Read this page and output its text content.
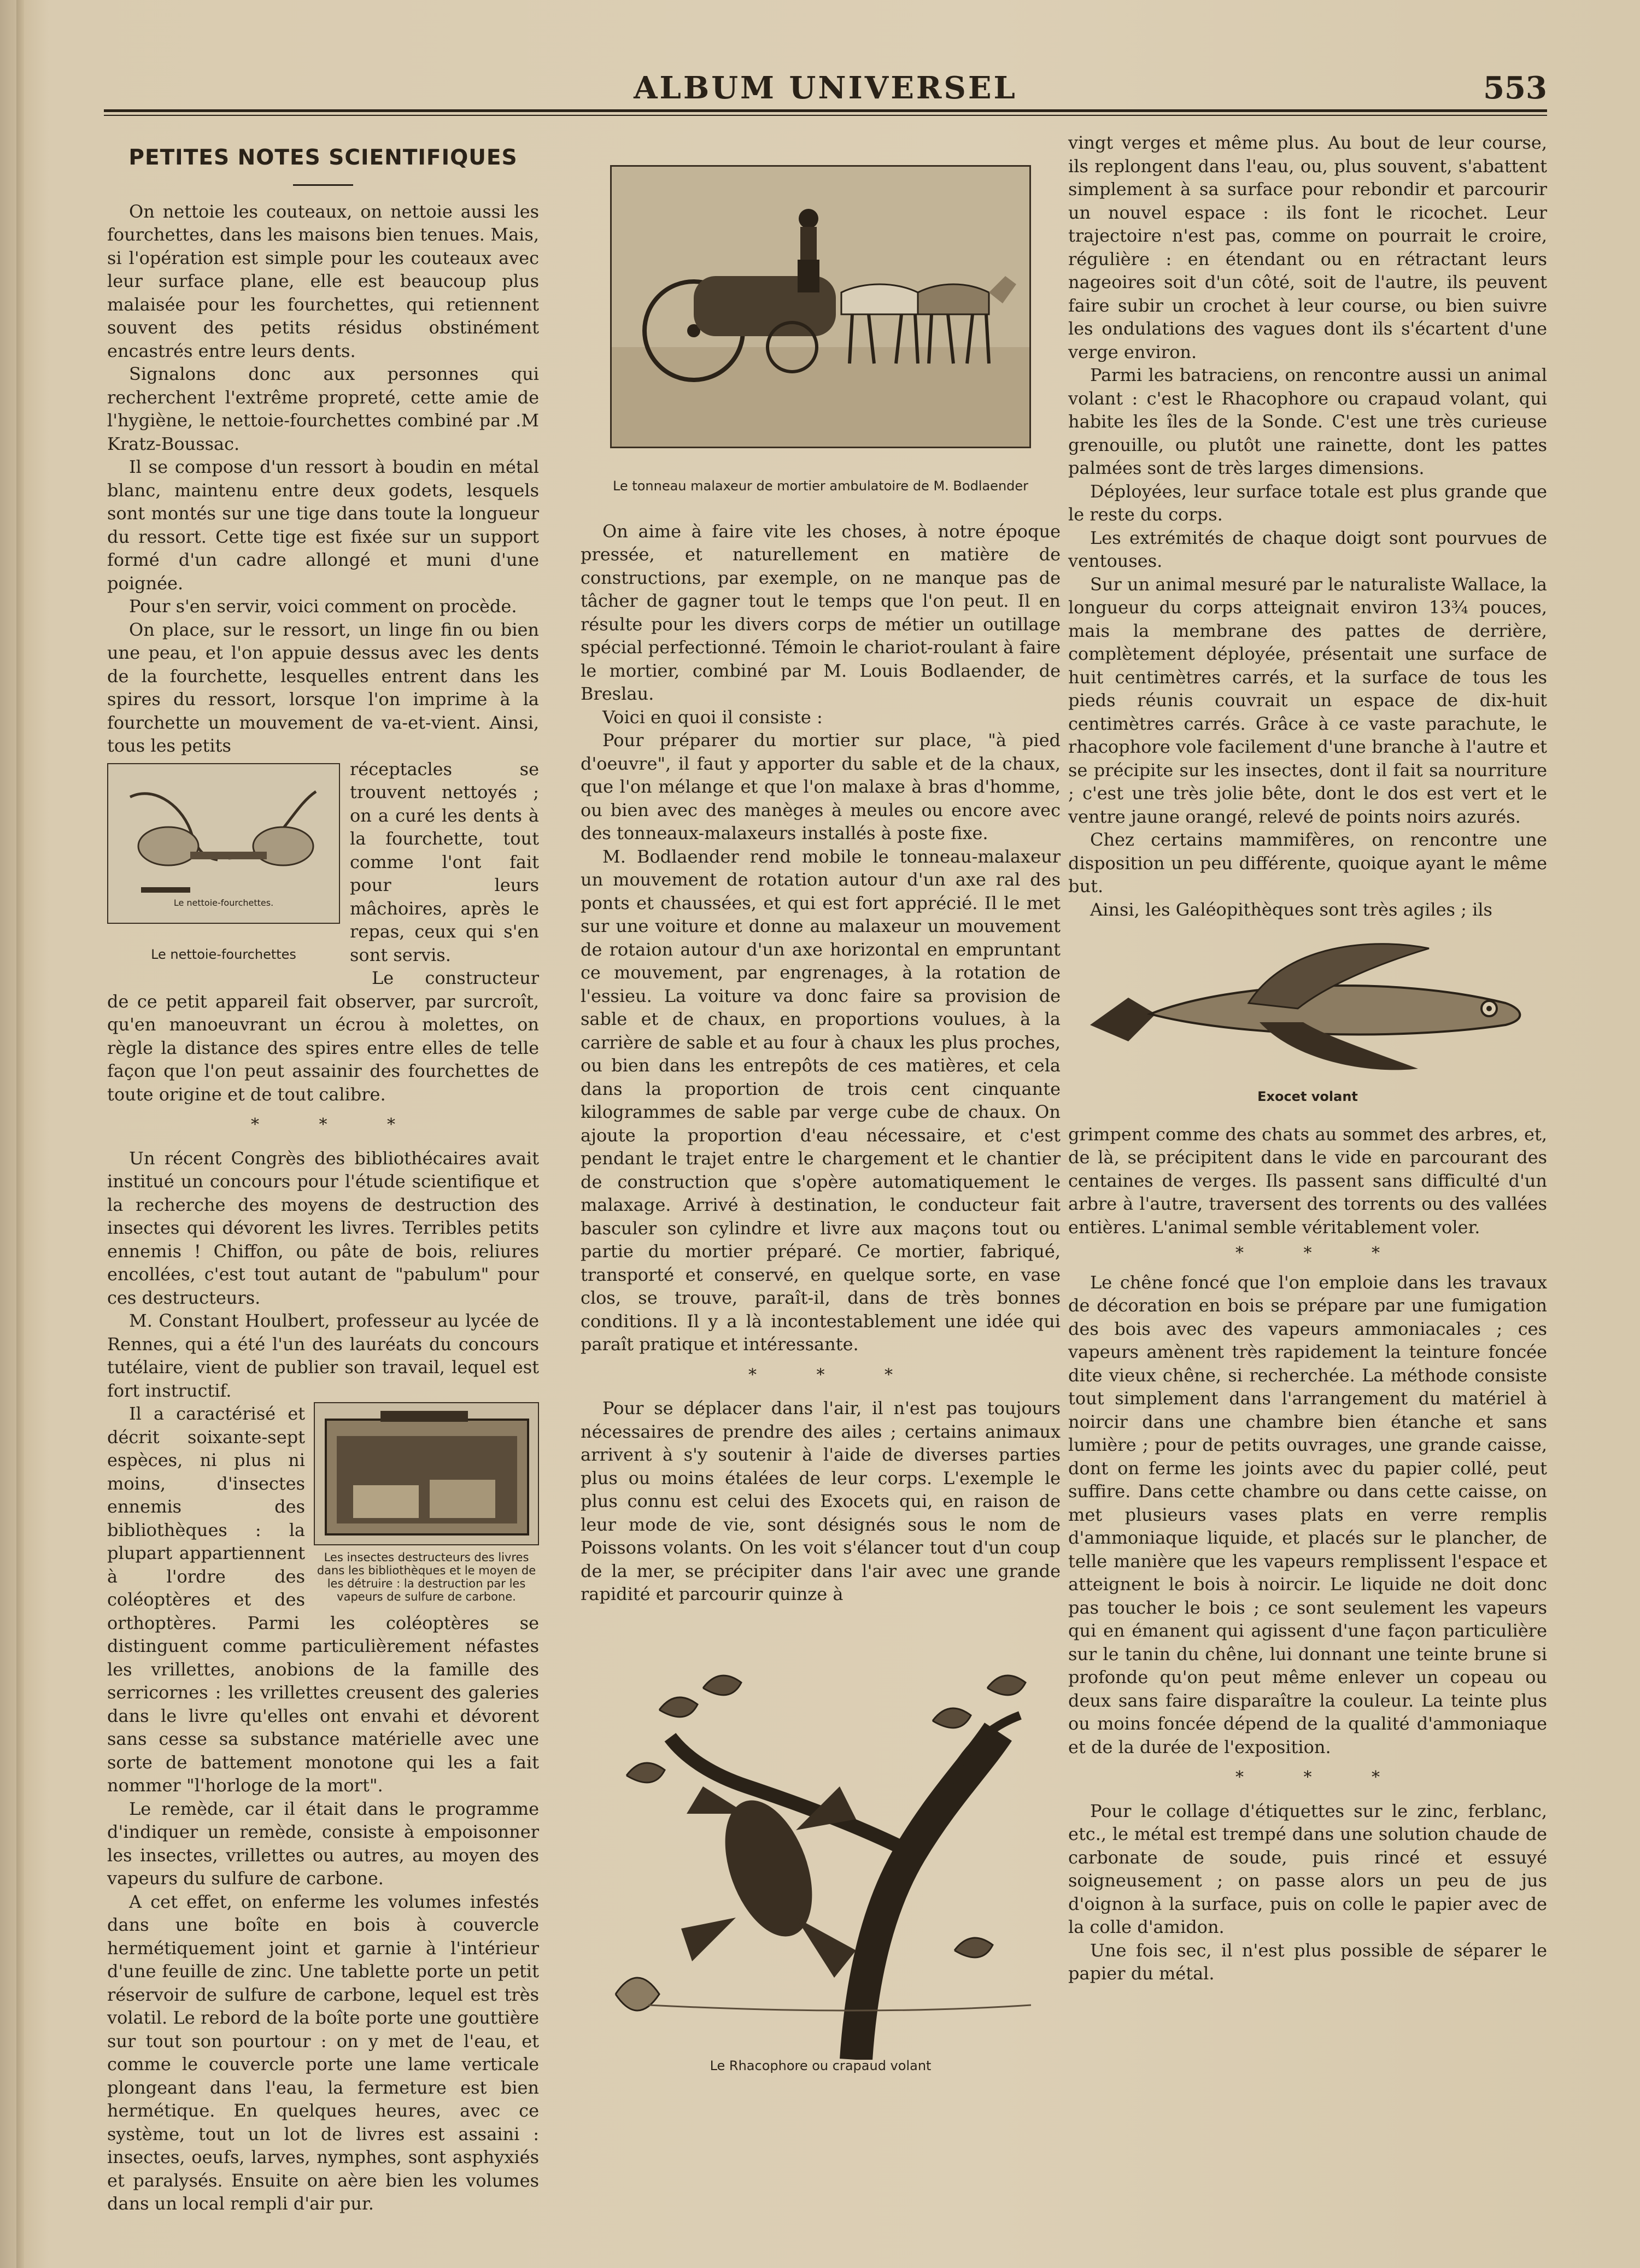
ALBUM UNIVERSEL	553
PETITES NOTES SCIENTIFIQUES

On nettoie les couteaux, on nettoie aussi les fourchettes, dans les maisons bien tenues. Mais, si l'opération est simple pour les couteaux avec leur surface plane, elle est beaucoup plus malaisée pour les fourchettes, qui retiennent souvent des petits résidus obstinément encastrés entre leurs dents.

Signalons donc aux personnes qui recherchent l'extrême propreté, cette amie de l'hygiène, le nettoie-fourchettes combiné par .M Kratz-Boussac.

Il se compose d'un ressort à boudin en métal blanc, maintenu entre deux godets, lesquels sont montés sur une tige dans toute la longueur du ressort. Cette tige est fixée sur un support formé d'un cadre allongé et muni d'une poignée.

Pour s'en servir, voici comment on procède.

On place, sur le ressort, un linge fin ou bien une peau, et l'on appuie dessus avec les dents de la fourchette, lesquelles entrent dans les spires du ressort, lorsque l'on imprime à la fourchette un mouvement de va-et-vient. Ainsi, tous les petits

Le nettoie-fourchettes.
Le nettoie-fourchettes

réceptacles se trouvent nettoyés ; on a curé les dents à la fourchette, tout comme l'ont fait pour leurs mâchoires, après le repas, ceux qui s'en sont servis.

Le constructeur de ce petit appareil fait observer, par surcroît, qu'en manoeuvrant un écrou à molettes, on règle la distance des spires entre elles de telle façon que l'on peut assainir des fourchettes de toute origine et de tout calibre.

* * *

Un récent Congrès des bibliothécaires avait institué un concours pour l'étude scientifique et la recherche des moyens de destruction des insectes qui dévorent les livres. Terribles petits ennemis ! Chiffon, ou pâte de bois, reliures encollées, c'est tout autant de "pabulum" pour ces destructeurs.

M. Constant Houlbert, professeur au lycée de Rennes, qui a été l'un des lauréats du concours tutélaire, vient de publier son travail, lequel est fort instructif.

Les insectes destructeurs des livres dans les bibliothèques et le moyen de les détruire : la destruction par les vapeurs de sulfure de carbone.

Il a caractérisé et décrit soixante-sept espèces, ni plus ni moins, d'insectes ennemis des bibliothèques : la plupart appartiennent à l'ordre des coléoptères et des orthoptères. Parmi les coléoptères se distinguent comme particulièrement néfastes les vrillettes, anobions de la famille des serricornes : les vrillettes creusent des galeries dans le livre qu'elles ont envahi et dévorent sans cesse sa substance matérielle avec une sorte de battement monotone qui les a fait nommer "l'horloge de la mort".

Le remède, car il était dans le programme d'indiquer un remède, consiste à empoisonner les insectes, vrillettes ou autres, au moyen des vapeurs du sulfure de carbone.

A cet effet, on enferme les volumes infestés dans une boîte en bois à couvercle hermétiquement joint et garnie à l'intérieur d'une feuille de zinc. Une tablette porte un petit réservoir de sulfure de carbone, lequel est très volatil. Le rebord de la boîte porte une gouttière sur tout son pourtour : on y met de l'eau, et comme le couvercle porte une lame verticale plongeant dans l'eau, la fermeture est bien hermétique. En quelques heures, avec ce système, tout un lot de livres est assaini : insectes, oeufs, larves, nymphes, sont asphyxiés et paralysés. Ensuite on aère bien les volumes dans un local rempli d'air pur.

Le tonneau malaxeur de mortier ambulatoire de M. Bodlaender

On aime à faire vite les choses, à notre époque pressée, et naturellement en matière de constructions, par exemple, on ne manque pas de tâcher de gagner tout le temps que l'on peut. Il en résulte pour les divers corps de métier un outillage spécial perfectionné. Témoin le chariot-roulant à faire le mortier, combiné par M. Louis Bodlaender, de Breslau.

Voici en quoi il consiste :

Pour préparer du mortier sur place, "à pied d'oeuvre", il faut y apporter du sable et de la chaux, que l'on mélange et que l'on malaxe à bras d'homme, ou bien avec des manèges à meules ou encore avec des tonneaux-malaxeurs installés à poste fixe.

M. Bodlaender rend mobile le tonneau-malaxeur un mouvement de rotation autour d'un axe ral des ponts et chaussées, et qui est fort apprécié. Il le met sur une voiture et donne au malaxeur un mouvement de rotaion autour d'un axe horizontal en empruntant ce mouvement, par engrenages, à la rotation de l'essieu. La voiture va donc faire sa provision de sable et de chaux, en proportions voulues, à la carrière de sable et au four à chaux les plus proches, ou bien dans les entrepôts de ces matières, et cela dans la proportion de trois cent cinquante kilogrammes de sable par verge cube de chaux. On ajoute la proportion d'eau nécessaire, et c'est pendant le trajet entre le chargement et le chantier de construction que s'opère automatiquement le malaxage. Arrivé à destination, le conducteur fait basculer son cylindre et livre aux maçons tout ou partie du mortier préparé. Ce mortier, fabriqué, transporté et conservé, en quelque sorte, en vase clos, se trouve, paraît-il, dans de très bonnes conditions. Il y a là incontestablement une idée qui paraît pratique et intéressante.

* * *

Pour se déplacer dans l'air, il n'est pas toujours nécessaires de prendre des ailes ; certains animaux arrivent à s'y soutenir à l'aide de diverses parties plus ou moins étalées de leur corps. L'exemple le plus connu est celui des Exocets qui, en raison de leur mode de vie, sont désignés sous le nom de Poissons volants. On les voit s'élancer tout d'un coup de la mer, se précipiter dans l'air avec une grande rapidité et parcourir quinze à

Le Rhacophore ou crapaud volant

vingt verges et même plus. Au bout de leur course, ils replongent dans l'eau, ou, plus souvent, s'abattent simplement à sa surface pour rebondir et parcourir un nouvel espace : ils font le ricochet. Leur trajectoire n'est pas, comme on pourrait le croire, régulière : en étendant ou en rétractant leurs nageoires soit d'un côté, soit de l'autre, ils peuvent faire subir un crochet à leur course, ou bien suivre les ondulations des vagues dont ils s'écartent d'une verge environ.

Parmi les batraciens, on rencontre aussi un animal volant : c'est le Rhacophore ou crapaud volant, qui habite les îles de la Sonde. C'est une très curieuse grenouille, ou plutôt une rainette, dont les pattes palmées sont de très larges dimensions.

Déployées, leur surface totale est plus grande que le reste du corps.

Les extrémités de chaque doigt sont pourvues de ventouses.

Sur un animal mesuré par le naturaliste Wallace, la longueur du corps atteignait environ 13¾ pouces, mais la membrane des pattes de derrière, complètement déployée, présentait une surface de huit centimètres carrés, et la surface de tous les pieds réunis couvrait un espace de dix-huit centimètres carrés. Grâce à ce vaste parachute, le rhacophore vole facilement d'une branche à l'autre et se précipite sur les insectes, dont il fait sa nourriture ; c'est une très jolie bête, dont le dos est vert et le ventre jaune orangé, relevé de points noirs azurés.

Chez certains mammifères, on rencontre une disposition un peu différente, quoique ayant le même but.

Ainsi, les Galéopithèques sont très agiles ; ils

Exocet volant

grimpent comme des chats au sommet des arbres, et, de là, se précipitent dans le vide en parcourant des centaines de verges. Ils passent sans difficulté d'un arbre à l'autre, traversent des torrents ou des vallées entières. L'animal semble véritablement voler.

* * *

Le chêne foncé que l'on emploie dans les travaux de décoration en bois se prépare par une fumigation des bois avec des vapeurs ammoniacales ; ces vapeurs amènent très rapidement la teinture foncée dite vieux chêne, si recherchée. La méthode consiste tout simplement dans l'arrangement du matériel à noircir dans une chambre bien étanche et sans lumière ; pour de petits ouvrages, une grande caisse, dont on ferme les joints avec du papier collé, peut suffire. Dans cette chambre ou dans cette caisse, on met plusieurs vases plats en verre remplis d'ammoniaque liquide, et placés sur le plancher, de telle manière que les vapeurs remplissent l'espace et atteignent le bois à noircir. Le liquide ne doit donc pas toucher le bois ; ce sont seulement les vapeurs qui en émanent qui agissent d'une façon particulière sur le tanin du chêne, lui donnant une teinte brune si profonde qu'on peut même enlever un copeau ou deux sans faire disparaître la couleur. La teinte plus ou moins foncée dépend de la qualité d'ammoniaque et de la durée de l'exposition.

* * *

Pour le collage d'étiquettes sur le zinc, ferblanc, etc., le métal est trempé dans une solution chaude de carbonate de soude, puis rincé et essuyé soigneusement ; on passe alors un peu de jus d'oignon à la surface, puis on colle le papier avec de la colle d'amidon.

Une fois sec, il n'est plus possible de séparer le papier du métal.
